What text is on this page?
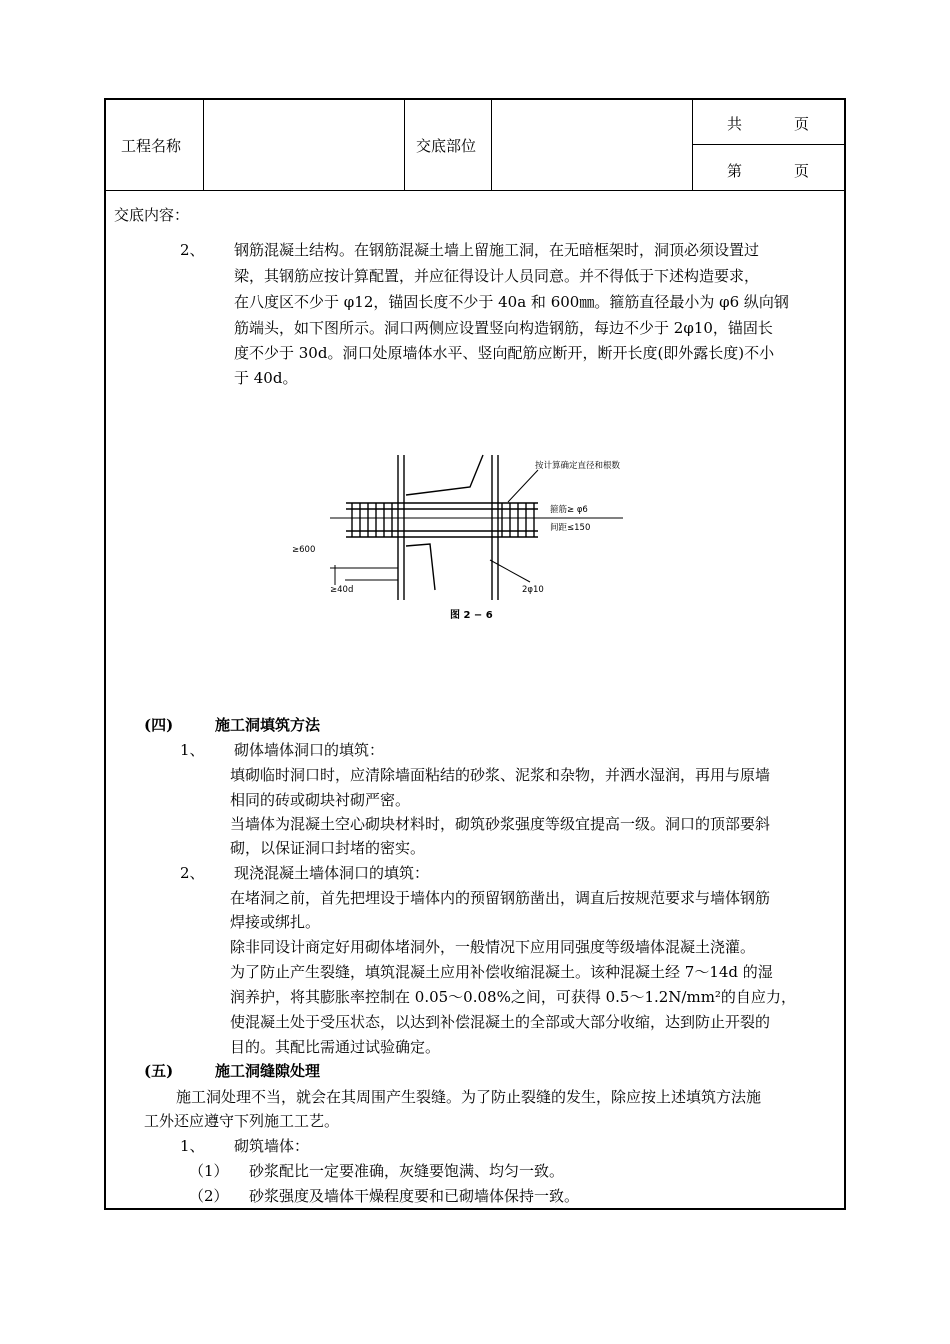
工程名称	交底部位
共	页
第	页
交底内容：
2、 钢筋混凝土结构。在钢筋混凝土墙上留施工洞，在无暗框架时，洞顶必须设置过
梁，其钢筋应按计算配置，并应征得设计人员同意。并不得低于下述构造要求，
在八度区不少于 φ12，锚固长度不少于 40a 和 600㎜。箍筋直径最小为 φ6 纵向钢
筋端头，如下图所示。洞口两侧应设置竖向构造钢筋，每边不少于 2φ10，锚固长
度不少于 30d。洞口处原墙体水平、竖向配筋应断开，断开长度(即外露长度)不小
于 40d。
按计算确定直径和根数
箍筋≥ φ6
间距≤150
≥600
≥40d	2φ10
图 2 − 6
(四)	施工洞填筑方法
1、 砌体墙体洞口的填筑：
填砌临时洞口时，应清除墙面粘结的砂浆、泥浆和杂物，并洒水湿润，再用与原墙
相同的砖或砌块衬砌严密。
当墙体为混凝土空心砌块材料时，砌筑砂浆强度等级宜提高一级。洞口的顶部要斜
砌，以保证洞口封堵的密实。
2、 现浇混凝土墙体洞口的填筑：
在堵洞之前，首先把埋设于墙体内的预留钢筋凿出，调直后按规范要求与墙体钢筋
焊接或绑扎。
除非同设计商定好用砌体堵洞外，一般情况下应用同强度等级墙体混凝土浇灌。
为了防止产生裂缝，填筑混凝土应用补偿收缩混凝土。该种混凝土经 7～14d 的湿
润养护，将其膨胀率控制在 0.05～0.08%之间，可获得 0.5～1.2N/mm²的自应力，
使混凝土处于受压状态，以达到补偿混凝土的全部或大部分收缩，达到防止开裂的
目的。其配比需通过试验确定。
(五)	施工洞缝隙处理
施工洞处理不当，就会在其周围产生裂缝。为了防止裂缝的发生，除应按上述填筑方法施
工外还应遵守下列施工工艺。
1、 砌筑墙体：
（1） 砂浆配比一定要准确，灰缝要饱满、均匀一致。
（2） 砂浆强度及墙体干燥程度要和已砌墙体保持一致。
